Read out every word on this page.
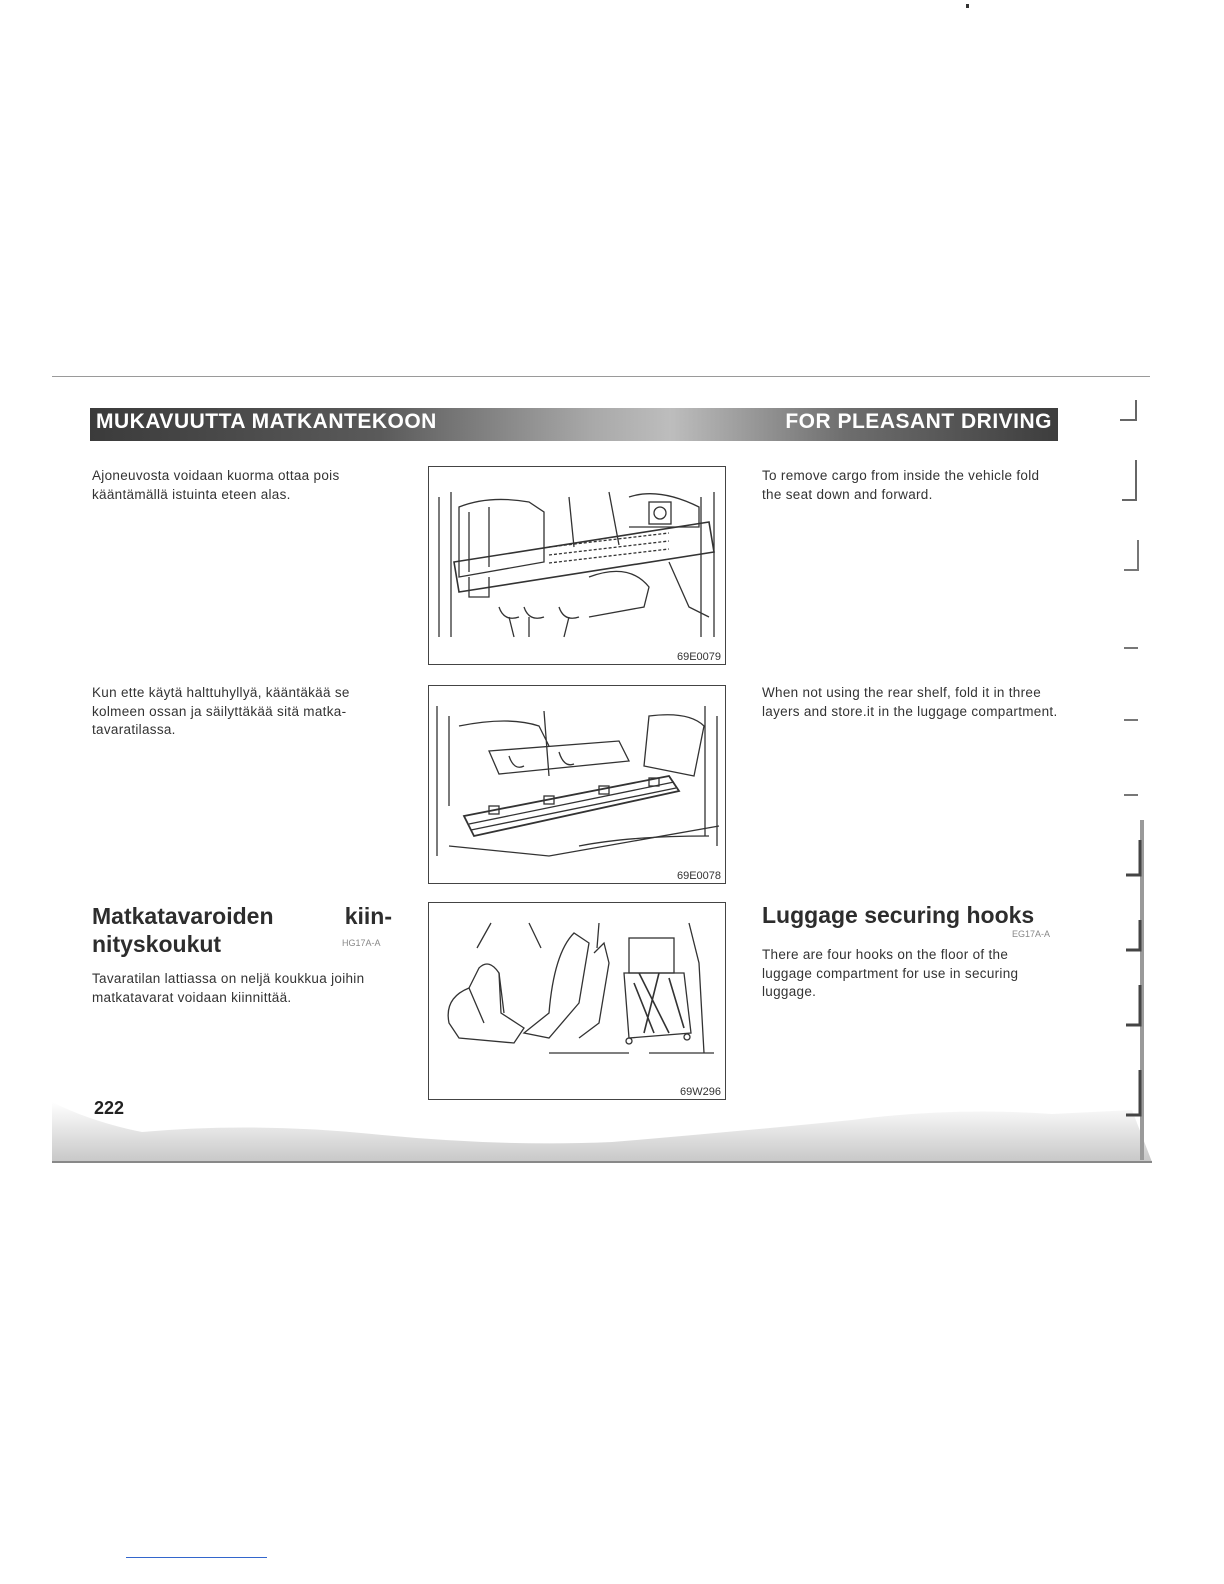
MUKAVUUTTA MATKANTEKOON	FOR PLEASANT DRIVING
Ajoneuvosta voidaan kuorma ottaa pois kääntämällä istuinta eteen alas.
Kun ette käytä halttuhyllyä, kääntäkää se kolmeen ossan ja säilyttäkää sitä matka-tavaratilassa.
Matkatavaroiden	kiin-
nityskoukut	HG17A-A
Tavaratilan lattiassa on neljä koukkua joihin matkatavarat voidaan kiinnittää.
To remove cargo from inside the vehicle fold the seat down and forward.
When not using the rear shelf, fold it in three layers and store.it in the luggage compartment.
Luggage securing hooks
EG17A-A
There are four hooks on the floor of the luggage compartment for use in securing luggage.
69E0079
69E0078
69W296
222
